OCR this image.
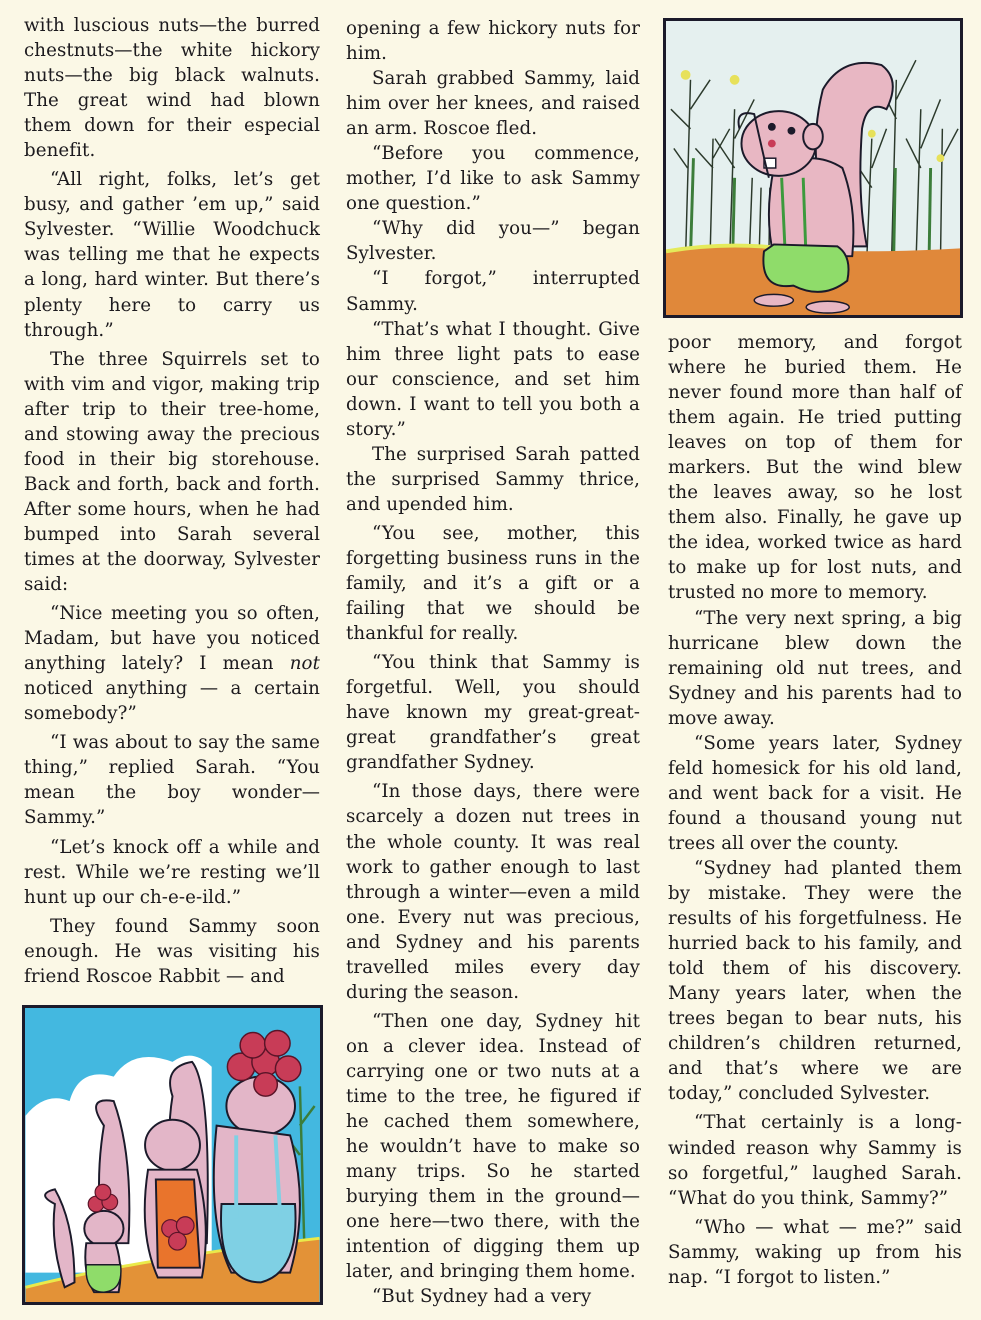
with luscious nuts—the burred chestnuts—the white hickory nuts—the big black walnuts. The great wind had blown them down for their especial benefit.

“All right, folks, let’s get busy, and gather ’em up,” said Sylvester. “Willie Woodchuck was telling me that he expects a long, hard winter. But there’s plenty here to carry us through.”

The three Squirrels set to with vim and vigor, making trip after trip to their tree-home, and stowing away the precious food in their big storehouse. Back and forth, back and forth. After some hours, when he had bumped into Sarah several times at the doorway, Sylvester said:

“Nice meeting you so often, Madam, but have you noticed anything lately? I mean not noticed anything — a certain somebody?”

“I was about to say the same thing,” replied Sarah. “You mean the boy wonder—Sammy.”

“Let’s knock off a while and rest. While we’re resting we’ll hunt up our ch-e-e-ild.”

They found Sammy soon enough. He was visiting his friend Roscoe Rabbit — and

opening a few hickory nuts for him.

Sarah grabbed Sammy, laid him over her knees, and raised an arm. Roscoe fled.

“Before you commence, mother, I’d like to ask Sammy one question.”

“Why did you—” began Sylvester.

“I forgot,” interrupted Sammy.

“That’s what I thought. Give him three light pats to ease our conscience, and set him down. I want to tell you both a story.”

The surprised Sarah patted the surprised Sammy thrice, and upended him.

“You see, mother, this forgetting business runs in the family, and it’s a gift or a failing that we should be thankful for really.

“You think that Sammy is forgetful. Well, you should have known my great-great-great grandfather’s great grandfather Sydney.

“In those days, there were scarcely a dozen nut trees in the whole county. It was real work to gather enough to last through a winter—even a mild one. Every nut was precious, and Sydney and his parents travelled miles every day during the season.

“Then one day, Sydney hit on a clever idea. Instead of carrying one or two nuts at a time to the tree, he figured if he cached them somewhere, he wouldn’t have to make so many trips. So he started burying them in the ground—one here—two there, with the intention of digging them up later, and bringing them home.

“But Sydney had a very

poor memory, and forgot where he buried them. He never found more than half of them again. He tried putting leaves on top of them for markers. But the wind blew the leaves away, so he lost them also. Finally, he gave up the idea, worked twice as hard to make up for lost nuts, and trusted no more to memory.

“The very next spring, a big hurricane blew down the remaining old nut trees, and Sydney and his parents had to move away.

“Some years later, Sydney feld homesick for his old land, and went back for a visit. He found a thousand young nut trees all over the county.

“Sydney had planted them by mistake. They were the results of his forgetfulness. He hurried back to his family, and told them of his discovery. Many years later, when the trees began to bear nuts, his children’s children returned, and that’s where we are today,” concluded Sylvester.

“That certainly is a long-winded reason why Sammy is so forgetful,” laughed Sarah. “What do you think, Sammy?”

“Who — what — me?” said Sammy, waking up from his nap. “I forgot to listen.”
